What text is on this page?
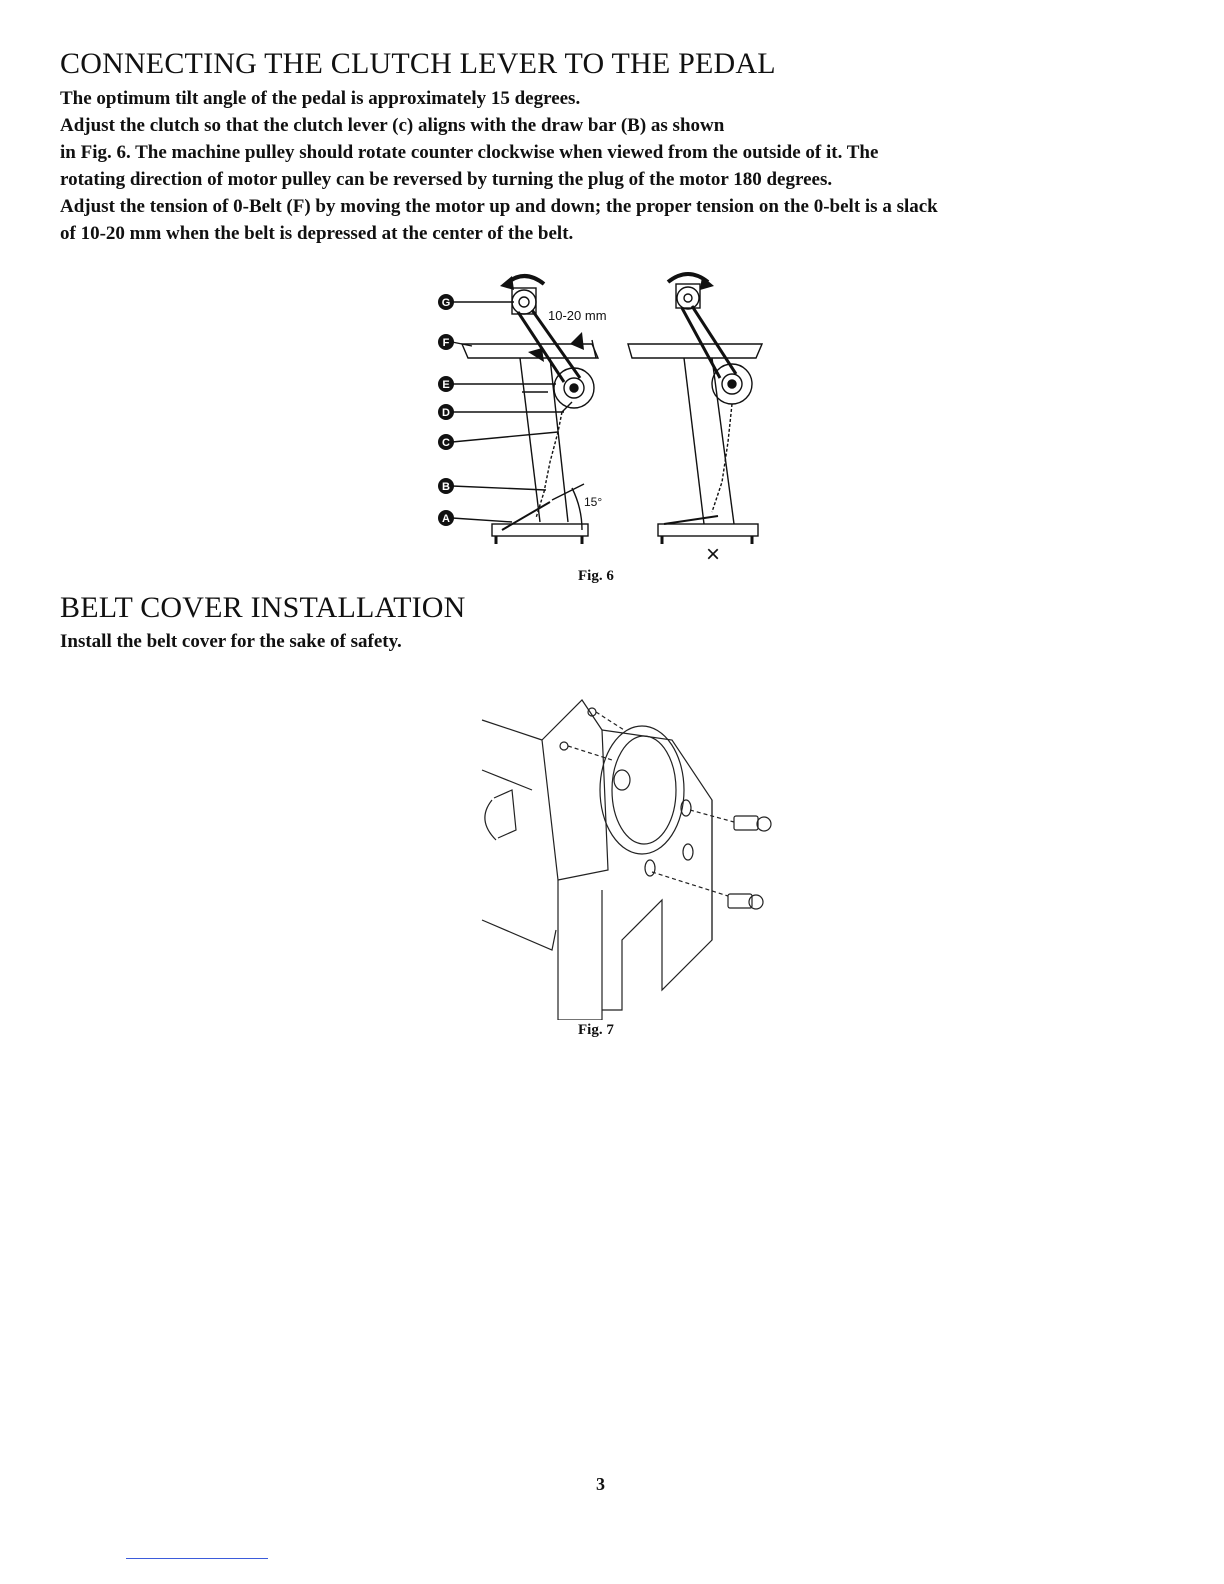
CONNECTING THE CLUTCH LEVER TO THE PEDAL

The optimum tilt angle of the pedal is approximately 15 degrees.

Adjust the clutch so that the clutch lever (c) aligns with the draw bar (B) as shown

in Fig. 6. The machine pulley should rotate counter clockwise when viewed from the outside of it. The

rotating direction of motor pulley can be reversed by turning the plug of the motor 180 degrees.

Adjust the tension of 0-Belt (F) by moving the motor up and down; the proper tension on the 0-belt is a slack

of 10-20 mm when the belt is depressed at the center of the belt.

G
F
E
D
C
B
A
10-20 mm
15°
×
Fig. 6
BELT COVER INSTALLATION
Install the belt cover for the sake of safety.
Fig. 7
3
